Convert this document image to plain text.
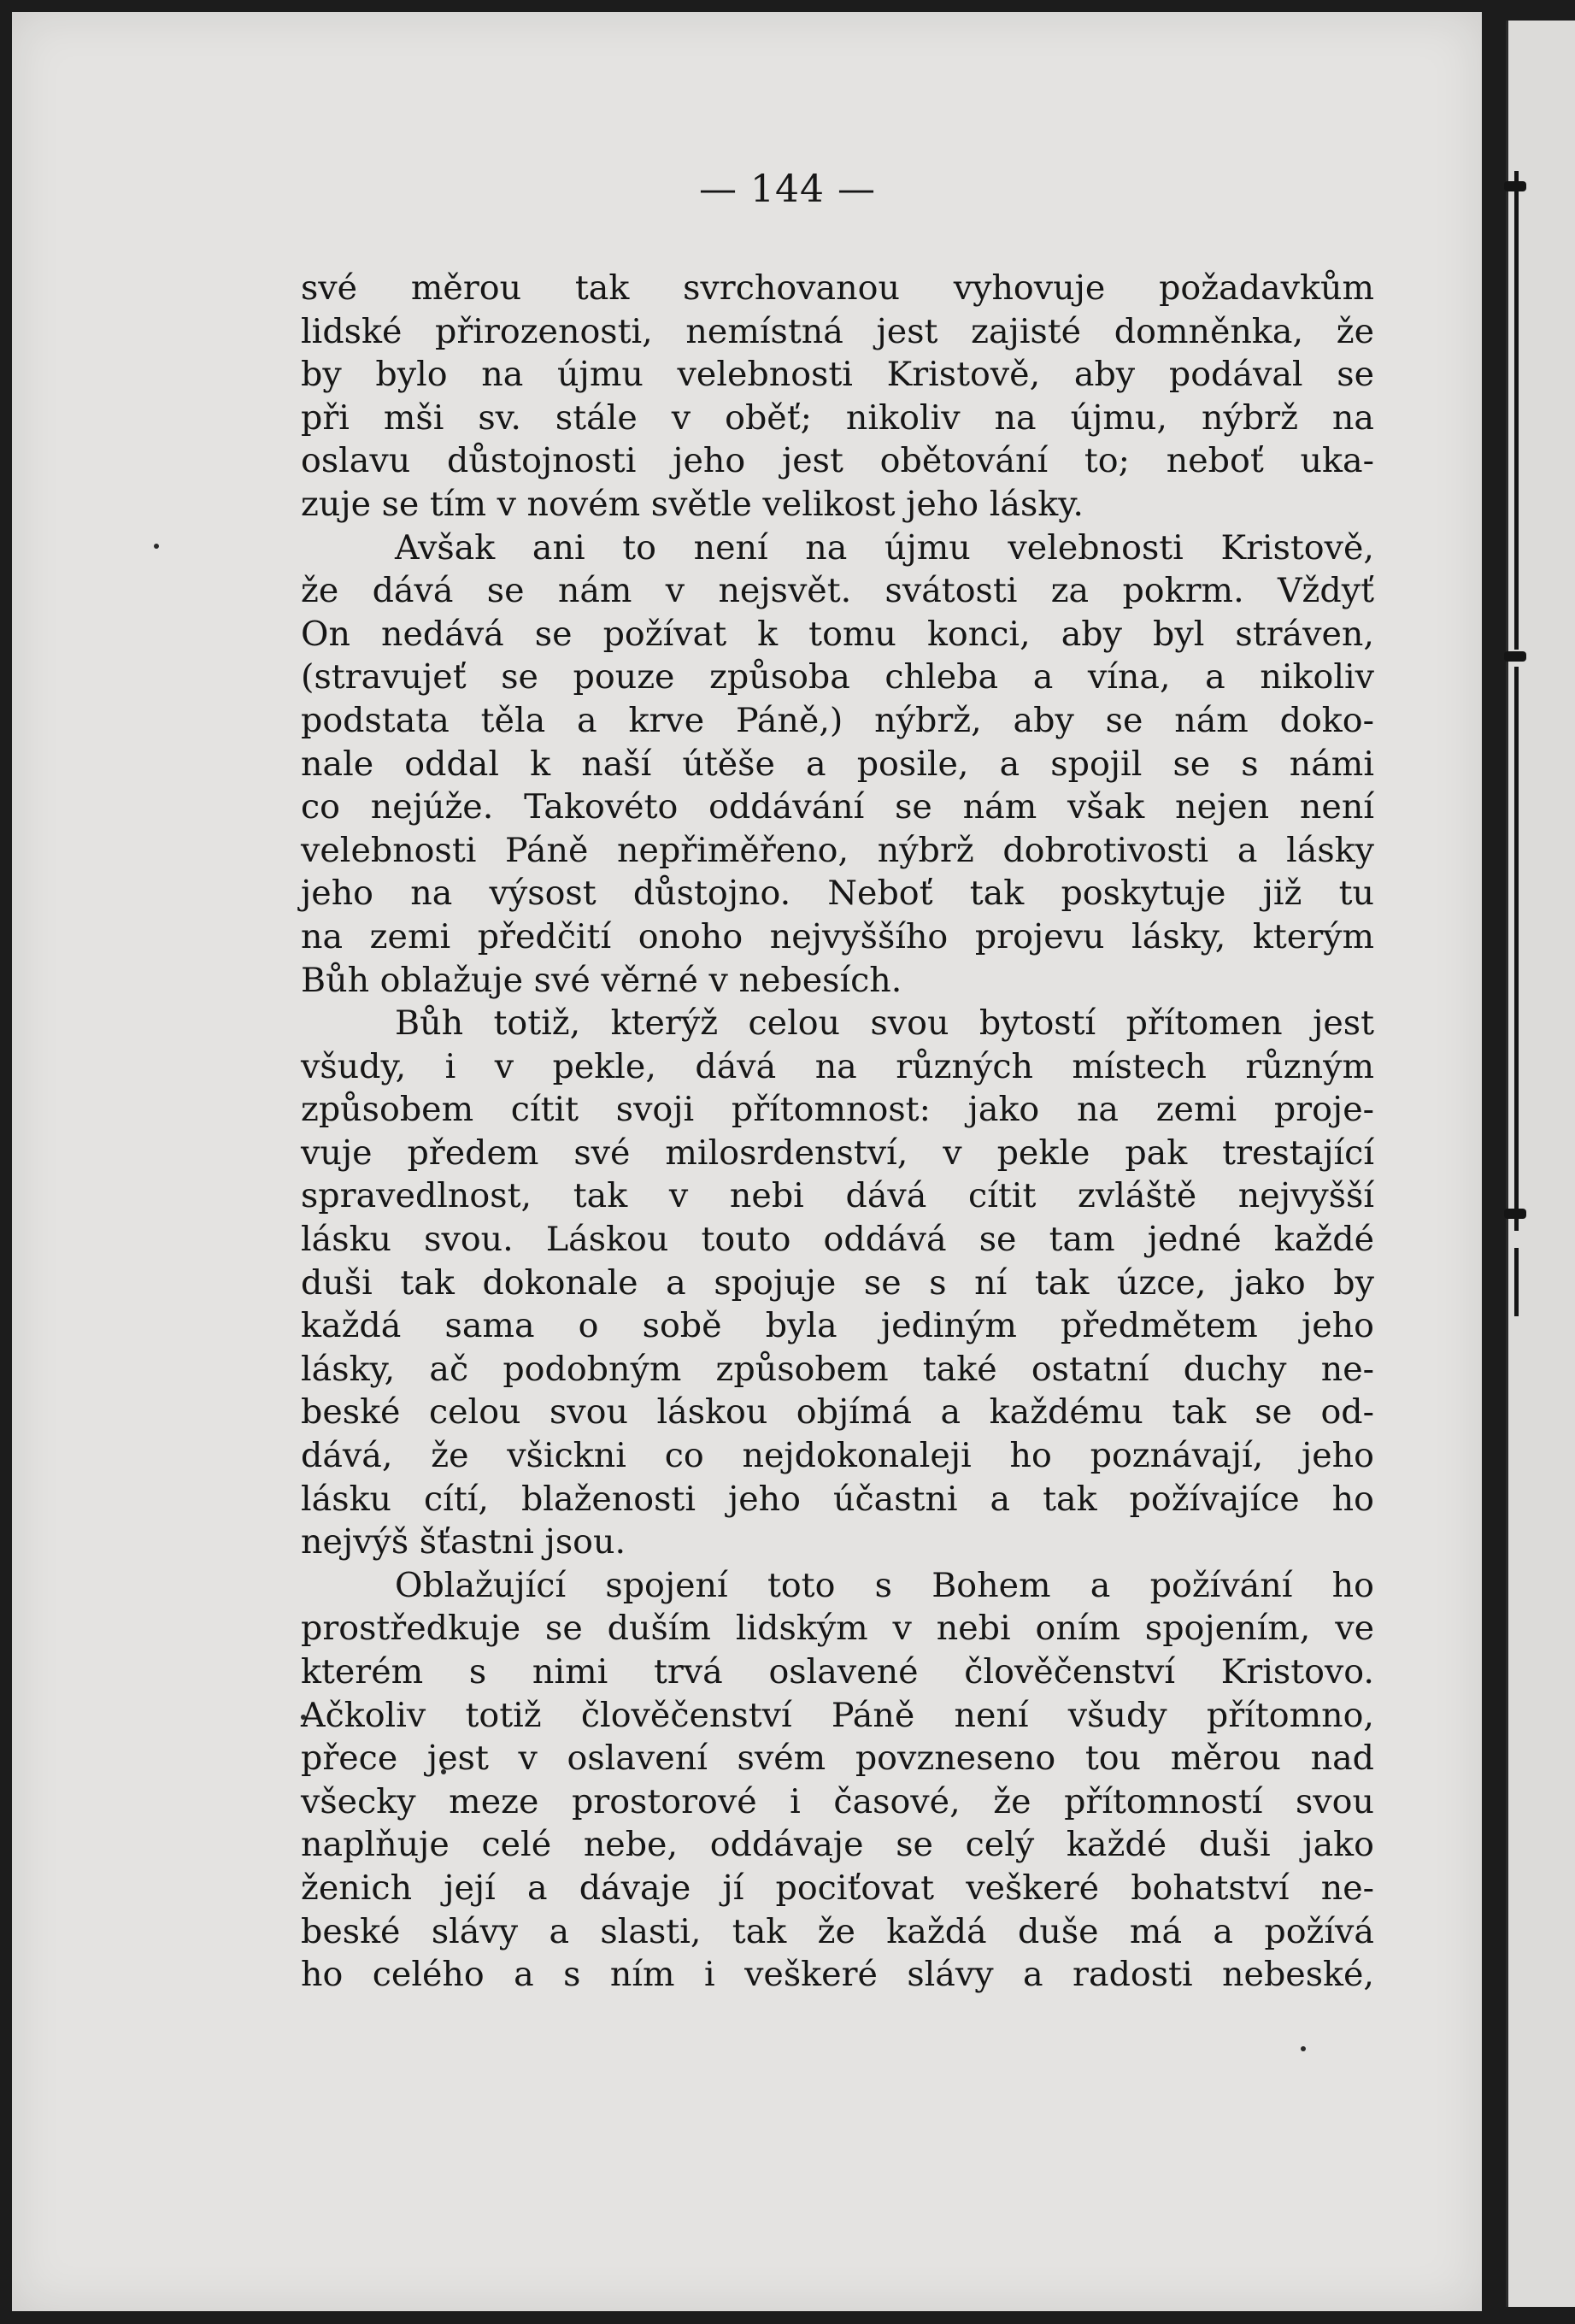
— 144 —
své měrou tak svrchovanou vyhovuje požadavkům
lidské přirozenosti, nemístná jest zajisté domněnka, že
by bylo na újmu velebnosti Kristově, aby podával se
při mši sv. stále v oběť; nikoliv na újmu, nýbrž na
oslavu důstojnosti jeho jest obětování to; neboť uka-
zuje se tím v novém světle velikost jeho lásky.
Avšak ani to není na újmu velebnosti Kristově,
že dává se nám v nejsvět. svátosti za pokrm. Vždyť
On nedává se požívat k tomu konci, aby byl stráven,
(stravujeť se pouze způsoba chleba a vína, a nikoliv
podstata těla a krve Páně,) nýbrž, aby se nám doko-
nale oddal k naší útěše a posile, a spojil se s námi
co nejúže. Takovéto oddávání se nám však nejen není
velebnosti Páně nepřiměřeno, nýbrž dobrotivosti a lásky
jeho na výsost důstojno. Neboť tak poskytuje již tu
na zemi předčití onoho nejvyššího projevu lásky, kterým
Bůh oblažuje své věrné v nebesích.
Bůh totiž, kterýž celou svou bytostí přítomen jest
všudy, i v pekle, dává na různých místech různým
způsobem cítit svoji přítomnost: jako na zemi proje-
vuje předem své milosrdenství, v pekle pak trestající
spravedlnost, tak v nebi dává cítit zvláště nejvyšší
lásku svou. Láskou touto oddává se tam jedné každé
duši tak dokonale a spojuje se s ní tak úzce, jako by
každá sama o sobě byla jediným předmětem jeho
lásky, ač podobným způsobem také ostatní duchy ne-
beské celou svou láskou objímá a každému tak se od-
dává, že všickni co nejdokonaleji ho poznávají, jeho
lásku cítí, blaženosti jeho účastni a tak požívajíce ho
nejvýš šťastni jsou.
Oblažující spojení toto s Bohem a požívání ho
prostředkuje se duším lidským v nebi oním spojením, ve
kterém s nimi trvá oslavené člověčenství Kristovo.
Ačkoliv totiž člověčenství Páně není všudy přítomno,
přece jest v oslavení svém povzneseno tou měrou nad
všecky meze prostorové i časové, že přítomností svou
naplňuje celé nebe, oddávaje se celý každé duši jako
ženich její a dávaje jí pociťovat veškeré bohatství ne-
beské slávy a slasti, tak že každá duše má a požívá
ho celého a s ním i veškeré slávy a radosti nebeské,
